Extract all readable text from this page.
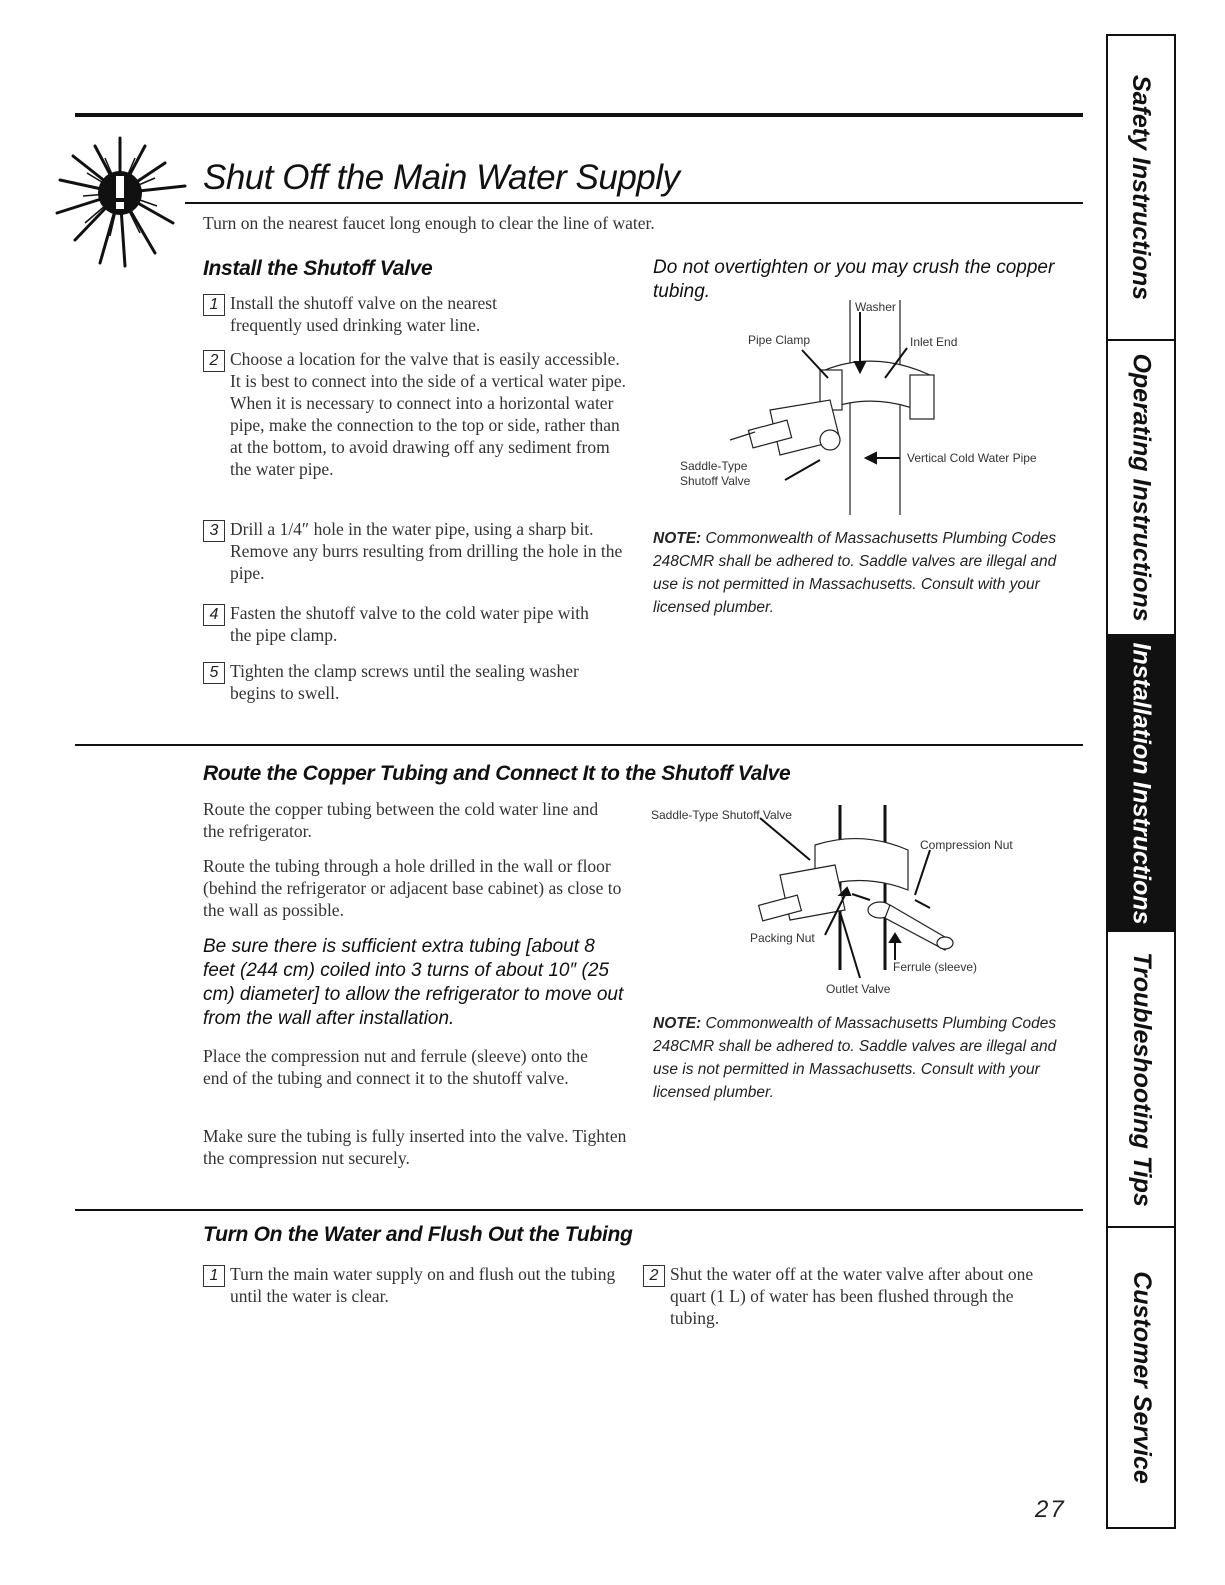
Shut Off the Main Water Supply
Turn on the nearest faucet long enough to clear the line of water.
Install the Shutoff Valve
1 Install the shutoff valve on the nearest frequently used drinking water line.
2 Choose a location for the valve that is easily accessible. It is best to connect into the side of a vertical water pipe. When it is necessary to connect into a horizontal water pipe, make the connection to the top or side, rather than at the bottom, to avoid drawing off any sediment from the water pipe.
3 Drill a 1/4″ hole in the water pipe, using a sharp bit. Remove any burrs resulting from drilling the hole in the pipe.
4 Fasten the shutoff valve to the cold water pipe with the pipe clamp.
5 Tighten the clamp screws until the sealing washer begins to swell.
Do not overtighten or you may crush the copper tubing.
Washer
Pipe Clamp	Inlet End
Saddle-Type
Shutoff Valve
Vertical Cold Water Pipe
NOTE: Commonwealth of Massachusetts Plumbing Codes 248CMR shall be adhered to. Saddle valves are illegal and use is not permitted in Massachusetts. Consult with your licensed plumber.
Route the Copper Tubing and Connect It to the Shutoff Valve
Route the copper tubing between the cold water line and the refrigerator.
Route the tubing through a hole drilled in the wall or floor (behind the refrigerator or adjacent base cabinet) as close to the wall as possible.
Be sure there is sufficient extra tubing [about 8 feet (244 cm) coiled into 3 turns of about 10″ (25 cm) diameter] to allow the refrigerator to move out from the wall after installation.
Place the compression nut and ferrule (sleeve) onto the end of the tubing and connect it to the shutoff valve.
Make sure the tubing is fully inserted into the valve. Tighten the compression nut securely.
Saddle-Type Shutoff Valve
Compression Nut
Packing Nut
Ferrule (sleeve)
Outlet Valve
NOTE: Commonwealth of Massachusetts Plumbing Codes 248CMR shall be adhered to. Saddle valves are illegal and use is not permitted in Massachusetts. Consult with your licensed plumber.
Turn On the Water and Flush Out the Tubing
1 Turn the main water supply on and flush out the tubing until the water is clear.
2 Shut the water off at the water valve after about one quart (1 L) of water has been flushed through the tubing.
27
Safety Instructions
Operating Instructions
Installation Instructions
Troubleshooting Tips
Customer Service
